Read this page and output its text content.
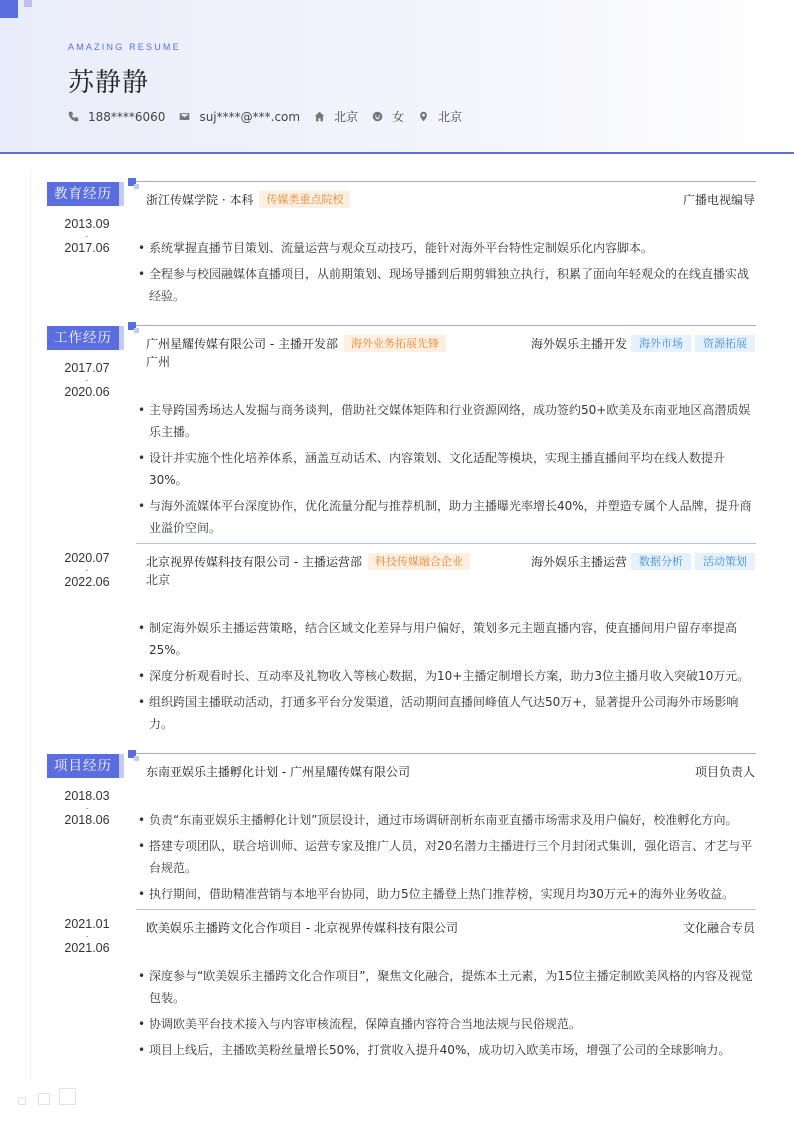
AMAZING RESUME
苏静静
188****6060	suj****@***.com	北京	女	北京
教育经历
2013.09
-
2017.06
浙江传媒学院 · 本科	传媒类重点院校	广播电视编导
• 系统掌握直播节目策划、流量运营与观众互动技巧，能针对海外平台特性定制娱乐化内容脚本。
• 全程参与校园融媒体直播项目，从前期策划、现场导播到后期剪辑独立执行，积累了面向年轻观众的在线直播实战经验。
工作经历
2017.07
-
2020.06
广州星耀传媒有限公司 - 主播开发部	海外业务拓展先锋	海外娱乐主播开发	海外市场	资源拓展
广州
• 主导跨国秀场达人发掘与商务谈判，借助社交媒体矩阵和行业资源网络，成功签约50+欧美及东南亚地区高潜质娱乐主播。
• 设计并实施个性化培养体系，涵盖互动话术、内容策划、文化适配等模块，实现主播直播间平均在线人数提升30%。
• 与海外流媒体平台深度协作，优化流量分配与推荐机制，助力主播曝光率增长40%，并塑造专属个人品牌，提升商业溢价空间。
2020.07
-
2022.06
北京视界传媒科技有限公司 - 主播运营部	科技传媒融合企业	海外娱乐主播运营	数据分析	活动策划
北京
• 制定海外娱乐主播运营策略，结合区域文化差异与用户偏好，策划多元主题直播内容，使直播间用户留存率提高25%。
• 深度分析观看时长、互动率及礼物收入等核心数据，为10+主播定制增长方案，助力3位主播月收入突破10万元。
• 组织跨国主播联动活动，打通多平台分发渠道，活动期间直播间峰值人气达50万+，显著提升公司海外市场影响力。
项目经历
2018.03
-
2018.06
东南亚娱乐主播孵化计划 - 广州星耀传媒有限公司	项目负责人
• 负责“东南亚娱乐主播孵化计划”顶层设计，通过市场调研剖析东南亚直播市场需求及用户偏好，校准孵化方向。
• 搭建专项团队，联合培训师、运营专家及推广人员，对20名潜力主播进行三个月封闭式集训，强化语言、才艺与平台规范。
• 执行期间，借助精准营销与本地平台协同，助力5位主播登上热门推荐榜，实现月均30万元+的海外业务收益。
2021.01
-
2021.06
欧美娱乐主播跨文化合作项目 - 北京视界传媒科技有限公司	文化融合专员
• 深度参与“欧美娱乐主播跨文化合作项目”，聚焦文化融合，提炼本土元素，为15位主播定制欧美风格的内容及视觉包装。
• 协调欧美平台技术接入与内容审核流程，保障直播内容符合当地法规与民俗规范。
• 项目上线后，主播欧美粉丝量增长50%，打赏收入提升40%，成功切入欧美市场，增强了公司的全球影响力。
